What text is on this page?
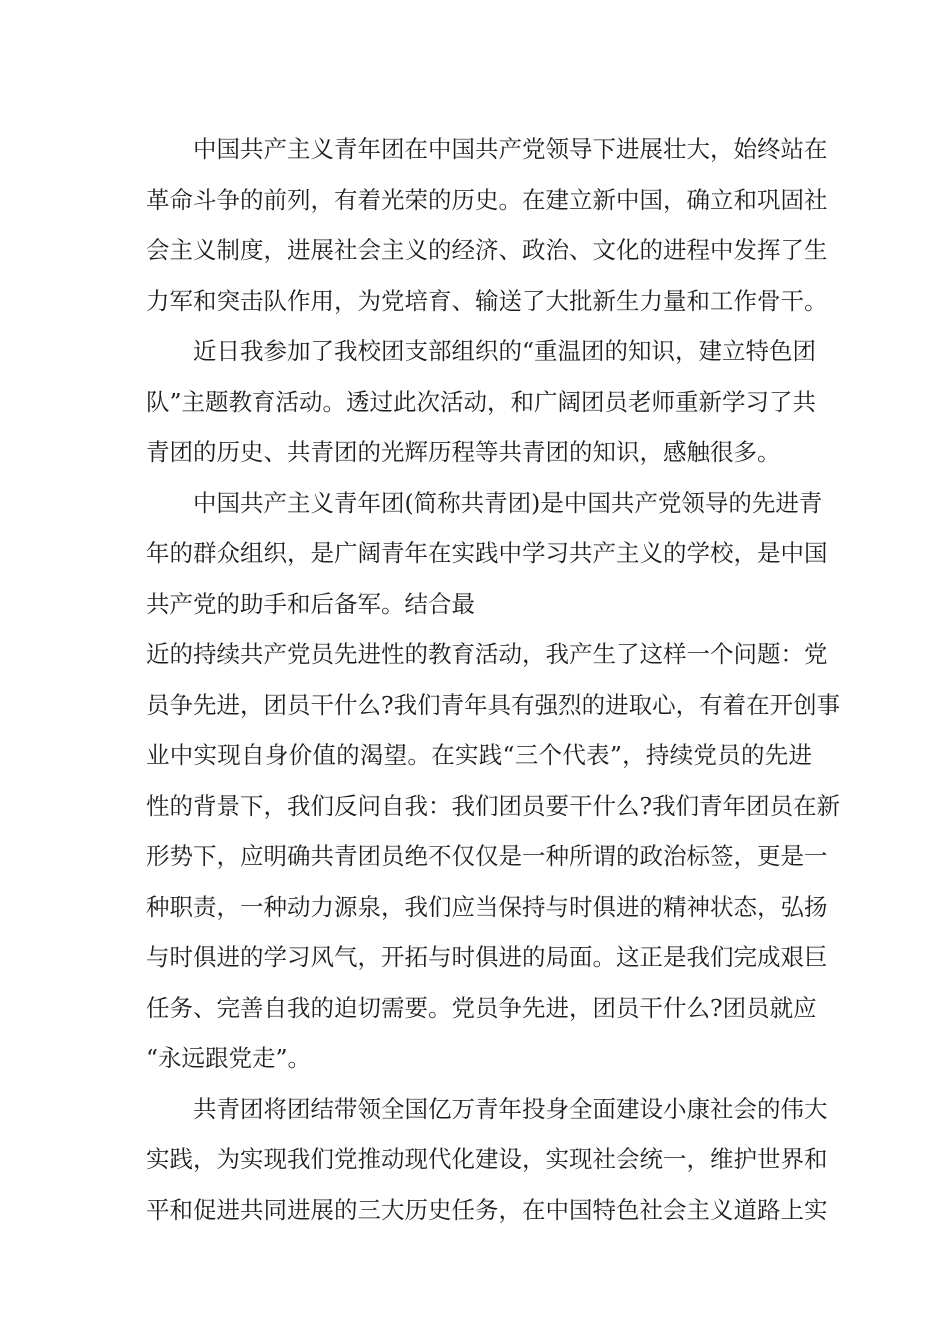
中国共产主义青年团在中国共产党领导下进展壮大，始终站在
革命斗争的前列，有着光荣的历史。在建立新中国，确立和巩固社
会主义制度，进展社会主义的经济、政治、文化的进程中发挥了生
力军和突击队作用，为党培育、输送了大批新生力量和工作骨干。
近日我参加了我校团支部组织的“重温团的知识，建立特色团
队”主题教育活动。透过此次活动，和广阔团员老师重新学习了共
青团的历史、共青团的光辉历程等共青团的知识，感触很多。
中国共产主义青年团(简称共青团)是中国共产党领导的先进青
年的群众组织，是广阔青年在实践中学习共产主义的学校，是中国
共产党的助手和后备军。结合最
近的持续共产党员先进性的教育活动，我产生了这样一个问题：党
员争先进，团员干什么?我们青年具有强烈的进取心，有着在开创事
业中实现自身价值的渴望。在实践“三个代表”，持续党员的先进
性的背景下，我们反问自我：我们团员要干什么?我们青年团员在新
形势下，应明确共青团员绝不仅仅是一种所谓的政治标签，更是一
种职责，一种动力源泉，我们应当保持与时俱进的精神状态，弘扬
与时俱进的学习风气，开拓与时俱进的局面。这正是我们完成艰巨
任务、完善自我的迫切需要。党员争先进，团员干什么?团员就应
“永远跟党走”。
共青团将团结带领全国亿万青年投身全面建设小康社会的伟大
实践，为实现我们党推动现代化建设，实现社会统一，维护世界和
平和促进共同进展的三大历史任务，在中国特色社会主义道路上实
